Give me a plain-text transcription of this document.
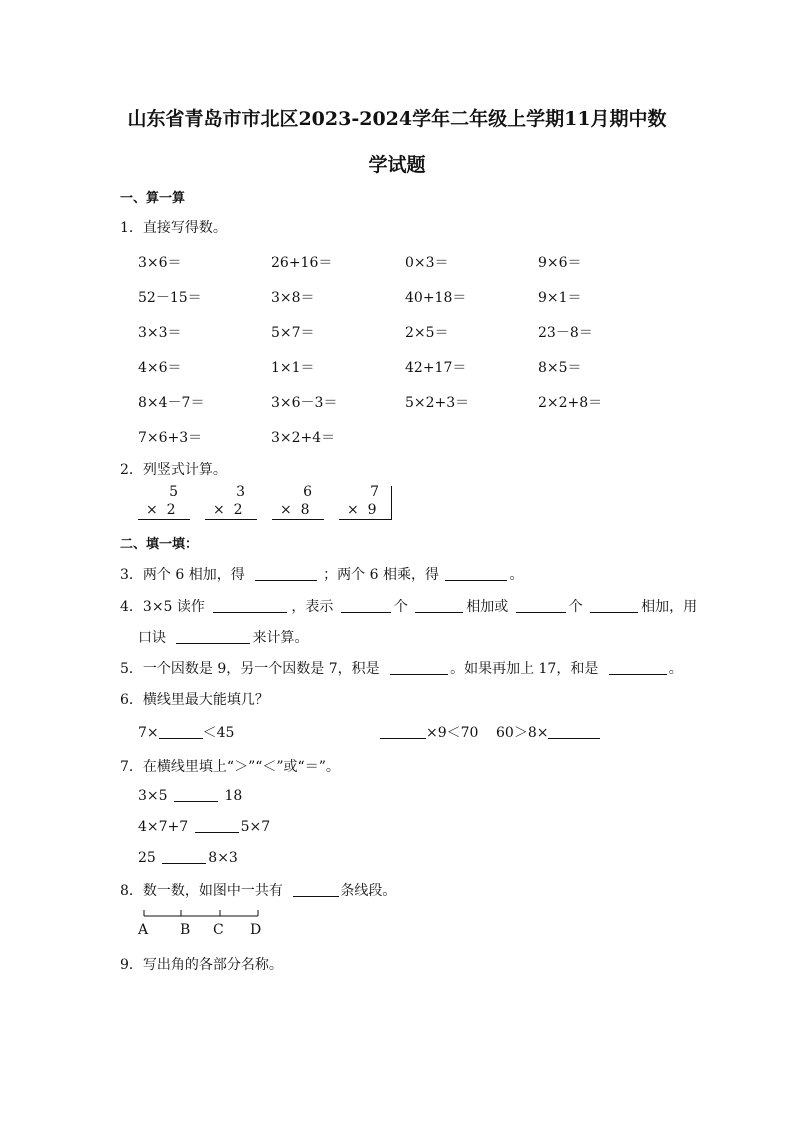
山东省青岛市市北区2023-2024学年二年级上学期11月期中数
学试题
一、算一算
1．直接写得数。
3×6＝	26+16＝	0×3＝	9×6＝
52－15＝	3×8＝	40+18＝	9×1＝
3×3＝	5×7＝	2×5＝	23－8＝
4×6＝	1×1＝	42+17＝	8×5＝
8×4－7＝	3×6－3＝	5×2+3＝	2×2+8＝
7×6+3＝	3×2+4＝
2．列竖式计算。
5
×  2
3
×  2
6
×  8
7
×  9
二、填一填：
3．两个 6 相加，得	；两个 6 相乘，得	。
4．3×5 读作	，表示	个	相加或	个	相加，用
口诀	来计算。
5．一个因数是 9，另一个因数是 7，积是	。如果再加上 17，和是	。
6．横线里最大能填几？
7×	＜45	×9＜70 60＞8×
7．在横线里填上“＞”“＜”或“＝”。
3×5	18
4×7+7	5×7
25	8×3
8．数一数，如图中一共有	条线段。
A B C D
9．写出角的各部分名称。
